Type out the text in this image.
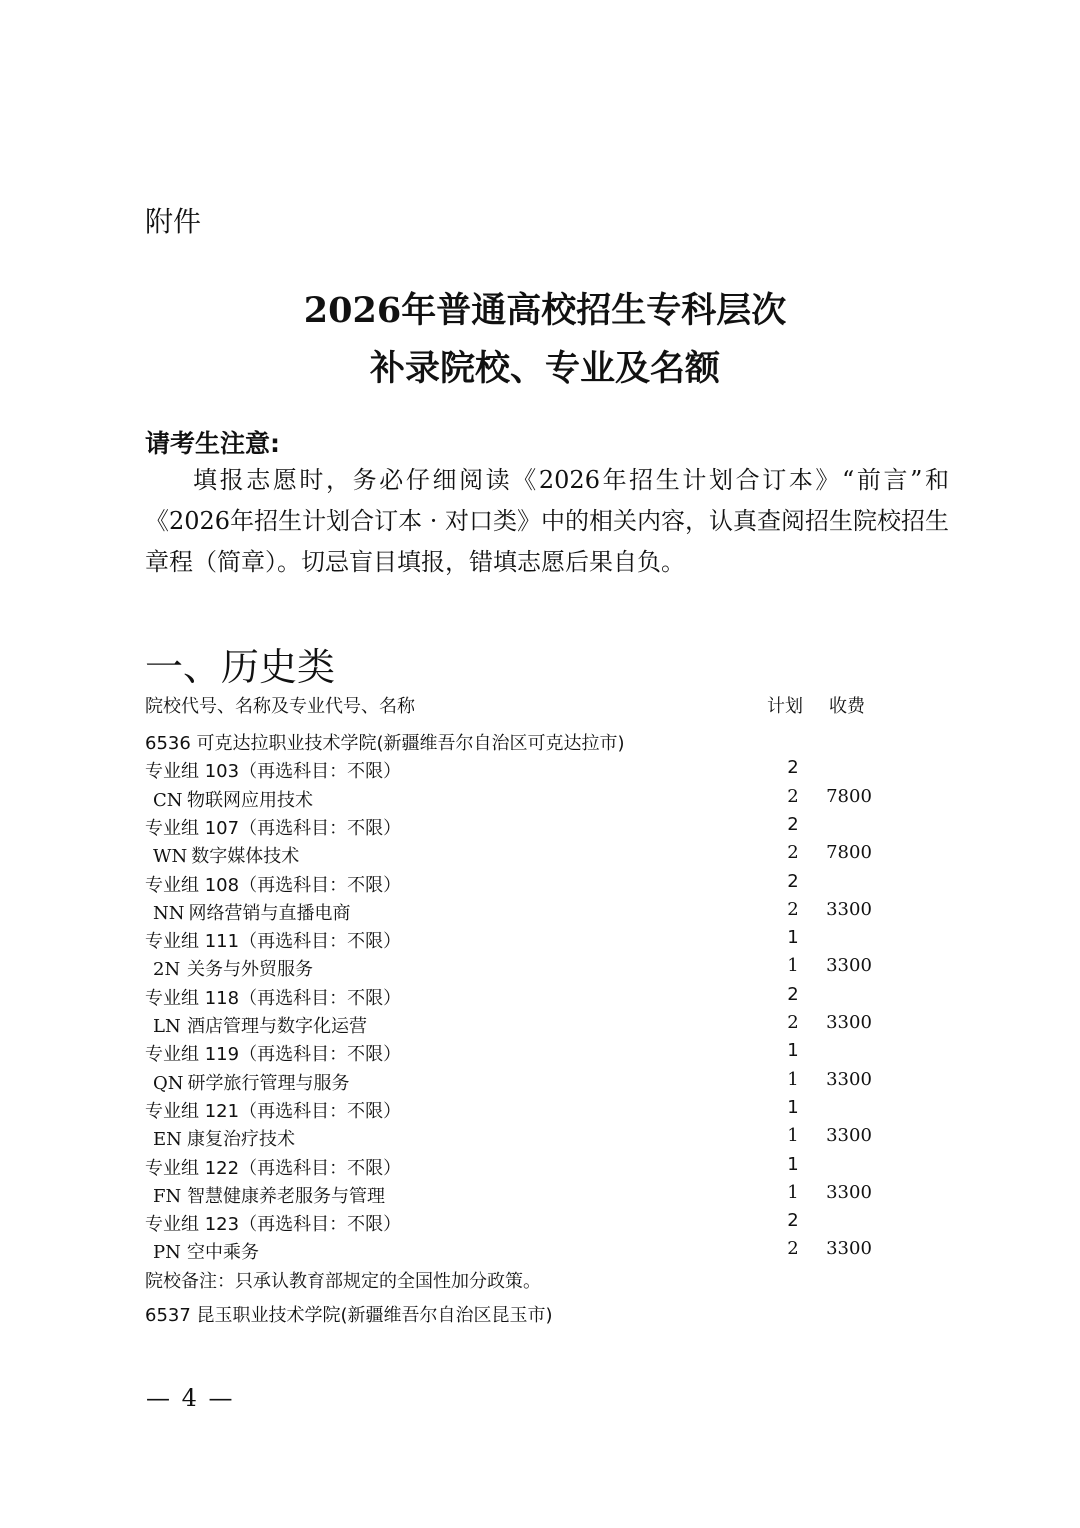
附件
2026年普通高校招生专科层次
补录院校、专业及名额
请考生注意:
填报志愿时，务必仔细阅读《2026年招生计划合订本》“前言”和《2026年招生计划合订本 · 对口类》中的相关内容，认真查阅招生院校招生章程（简章）。切忌盲目填报，错填志愿后果自负。
一、历史类
院校代号、名称及专业代号、名称	计划 收费
6536 可克达拉职业技术学院(新疆维吾尔自治区可克达拉市)
专业组 103（再选科目：不限）	2
CN 物联网应用技术	2	7800
专业组 107（再选科目：不限）	2
WN 数字媒体技术	2	7800
专业组 108（再选科目：不限）	2
NN 网络营销与直播电商	2	3300
专业组 111（再选科目：不限）	1
2N 关务与外贸服务	1	3300
专业组 118（再选科目：不限）	2
LN 酒店管理与数字化运营	2	3300
专业组 119（再选科目：不限）	1
QN 研学旅行管理与服务	1	3300
专业组 121（再选科目：不限）	1
EN 康复治疗技术	1	3300
专业组 122（再选科目：不限）	1
FN 智慧健康养老服务与管理	1	3300
专业组 123（再选科目：不限）	2
PN 空中乘务	2	3300
院校备注：只承认教育部规定的全国性加分政策。
6537 昆玉职业技术学院(新疆维吾尔自治区昆玉市)
— 4 —
